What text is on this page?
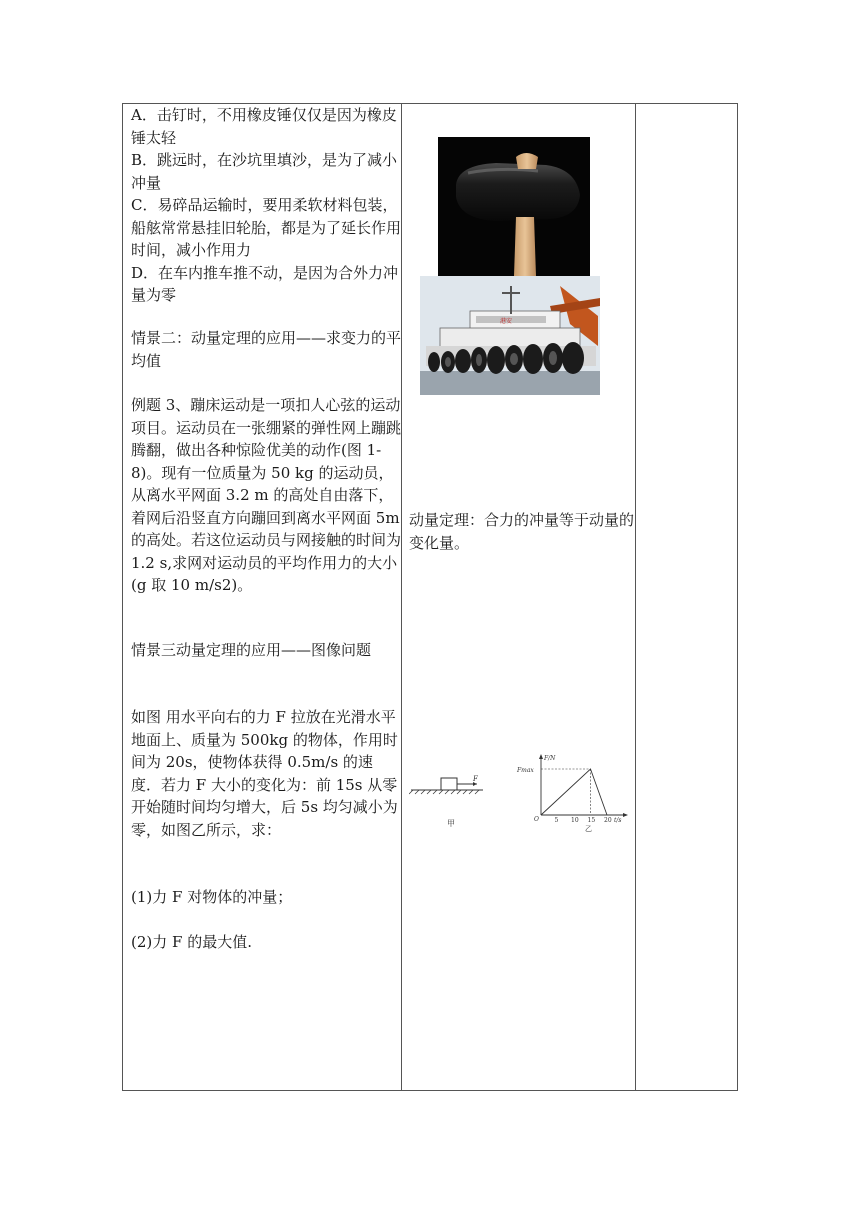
A．击钉时，不用橡皮锤仅仅是因为橡皮锤太轻

B．跳远时，在沙坑里填沙，是为了减小冲量

C．易碎品运输时，要用柔软材料包装，船舷常常悬挂旧轮胎，都是为了延长作用时间，减小作用力

D．在车内推车推不动，是因为合外力冲量为零

情景二：动量定理的应用——求变力的平均值

例题 3、蹦床运动是一项扣人心弦的运动项目。运动员在一张绷紧的弹性网上蹦跳腾翻，做出各种惊险优美的动作(图 1-8)。现有一位质量为 50 kg 的运动员，从离水平网面 3.2 m 的高处自由落下，着网后沿竖直方向蹦回到离水平网面 5m 的高处。若这位运动员与网接触的时间为 1.2 s,求网对运动员的平均作用力的大小(g 取 10 m/s2)。

情景三动量定理的应用——图像问题

如图 用水平向右的力 F 拉放在光滑水平地面上、质量为 500kg 的物体，作用时间为 20s，使物体获得 0.5m/s 的速度．若力 F 大小的变化为：前 15s 从零开始随时间均匀增大，后 5s 均匀减小为零，如图乙所示，求：

(1)力 F 对物体的冲量；

(2)力 F 的最大值.

动量定理：合力的冲量等于动量的变化量。
港安
F
甲
F/N
Fmax
O	5 10 15 20 t/s
乙
